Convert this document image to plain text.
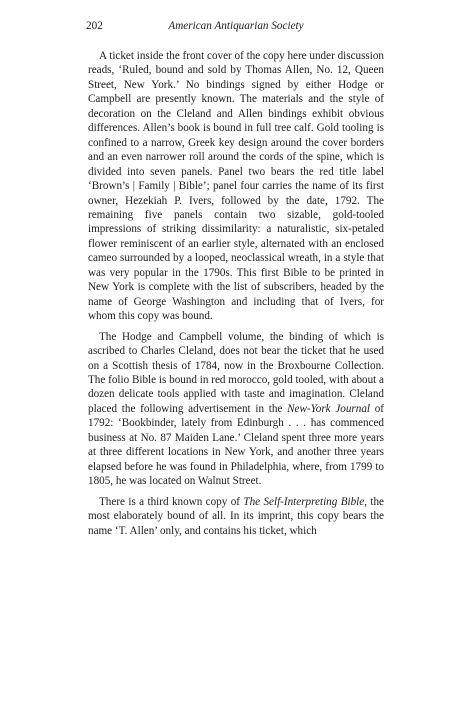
202	American Antiquarian Society

A ticket inside the front cover of the copy here under discussion reads, ‘Ruled, bound and sold by Thomas Allen, No. 12, Queen Street, New York.’ No bindings signed by either Hodge or Campbell are presently known. The materials and the style of decoration on the Cleland and Allen bindings exhibit obvious differences. Allen’s book is bound in full tree calf. Gold tooling is confined to a narrow, Greek key design around the cover borders and an even narrower roll around the cords of the spine, which is divided into seven panels. Panel two bears the red title label ‘Brown’s | Family | Bible’; panel four carries the name of its first owner, Hezekiah P. Ivers, followed by the date, 1792. The remaining five panels contain two sizable, gold-tooled impressions of striking dissimilarity: a naturalistic, six-petaled flower reminiscent of an earlier style, alternated with an enclosed cameo surrounded by a looped, neoclassical wreath, in a style that was very popular in the 1790s. This first Bible to be printed in New York is complete with the list of subscribers, headed by the name of George Washington and including that of Ivers, for whom this copy was bound.

The Hodge and Campbell volume, the binding of which is ascribed to Charles Cleland, does not bear the ticket that he used on a Scottish thesis of 1784, now in the Broxbourne Collection. The folio Bible is bound in red morocco, gold tooled, with about a dozen delicate tools applied with taste and imagination. Cleland placed the following advertisement in the New-York Journal of 1792: ‘Bookbinder, lately from Edinburgh . . . has commenced business at No. 87 Maiden Lane.’ Cleland spent three more years at three different locations in New York, and another three years elapsed before he was found in Philadelphia, where, from 1799 to 1805, he was located on Walnut Street.

There is a third known copy of The Self-Interpreting Bible, the most elaborately bound of all. In its imprint, this copy bears the name ‘T. Allen’ only, and contains his ticket, which
